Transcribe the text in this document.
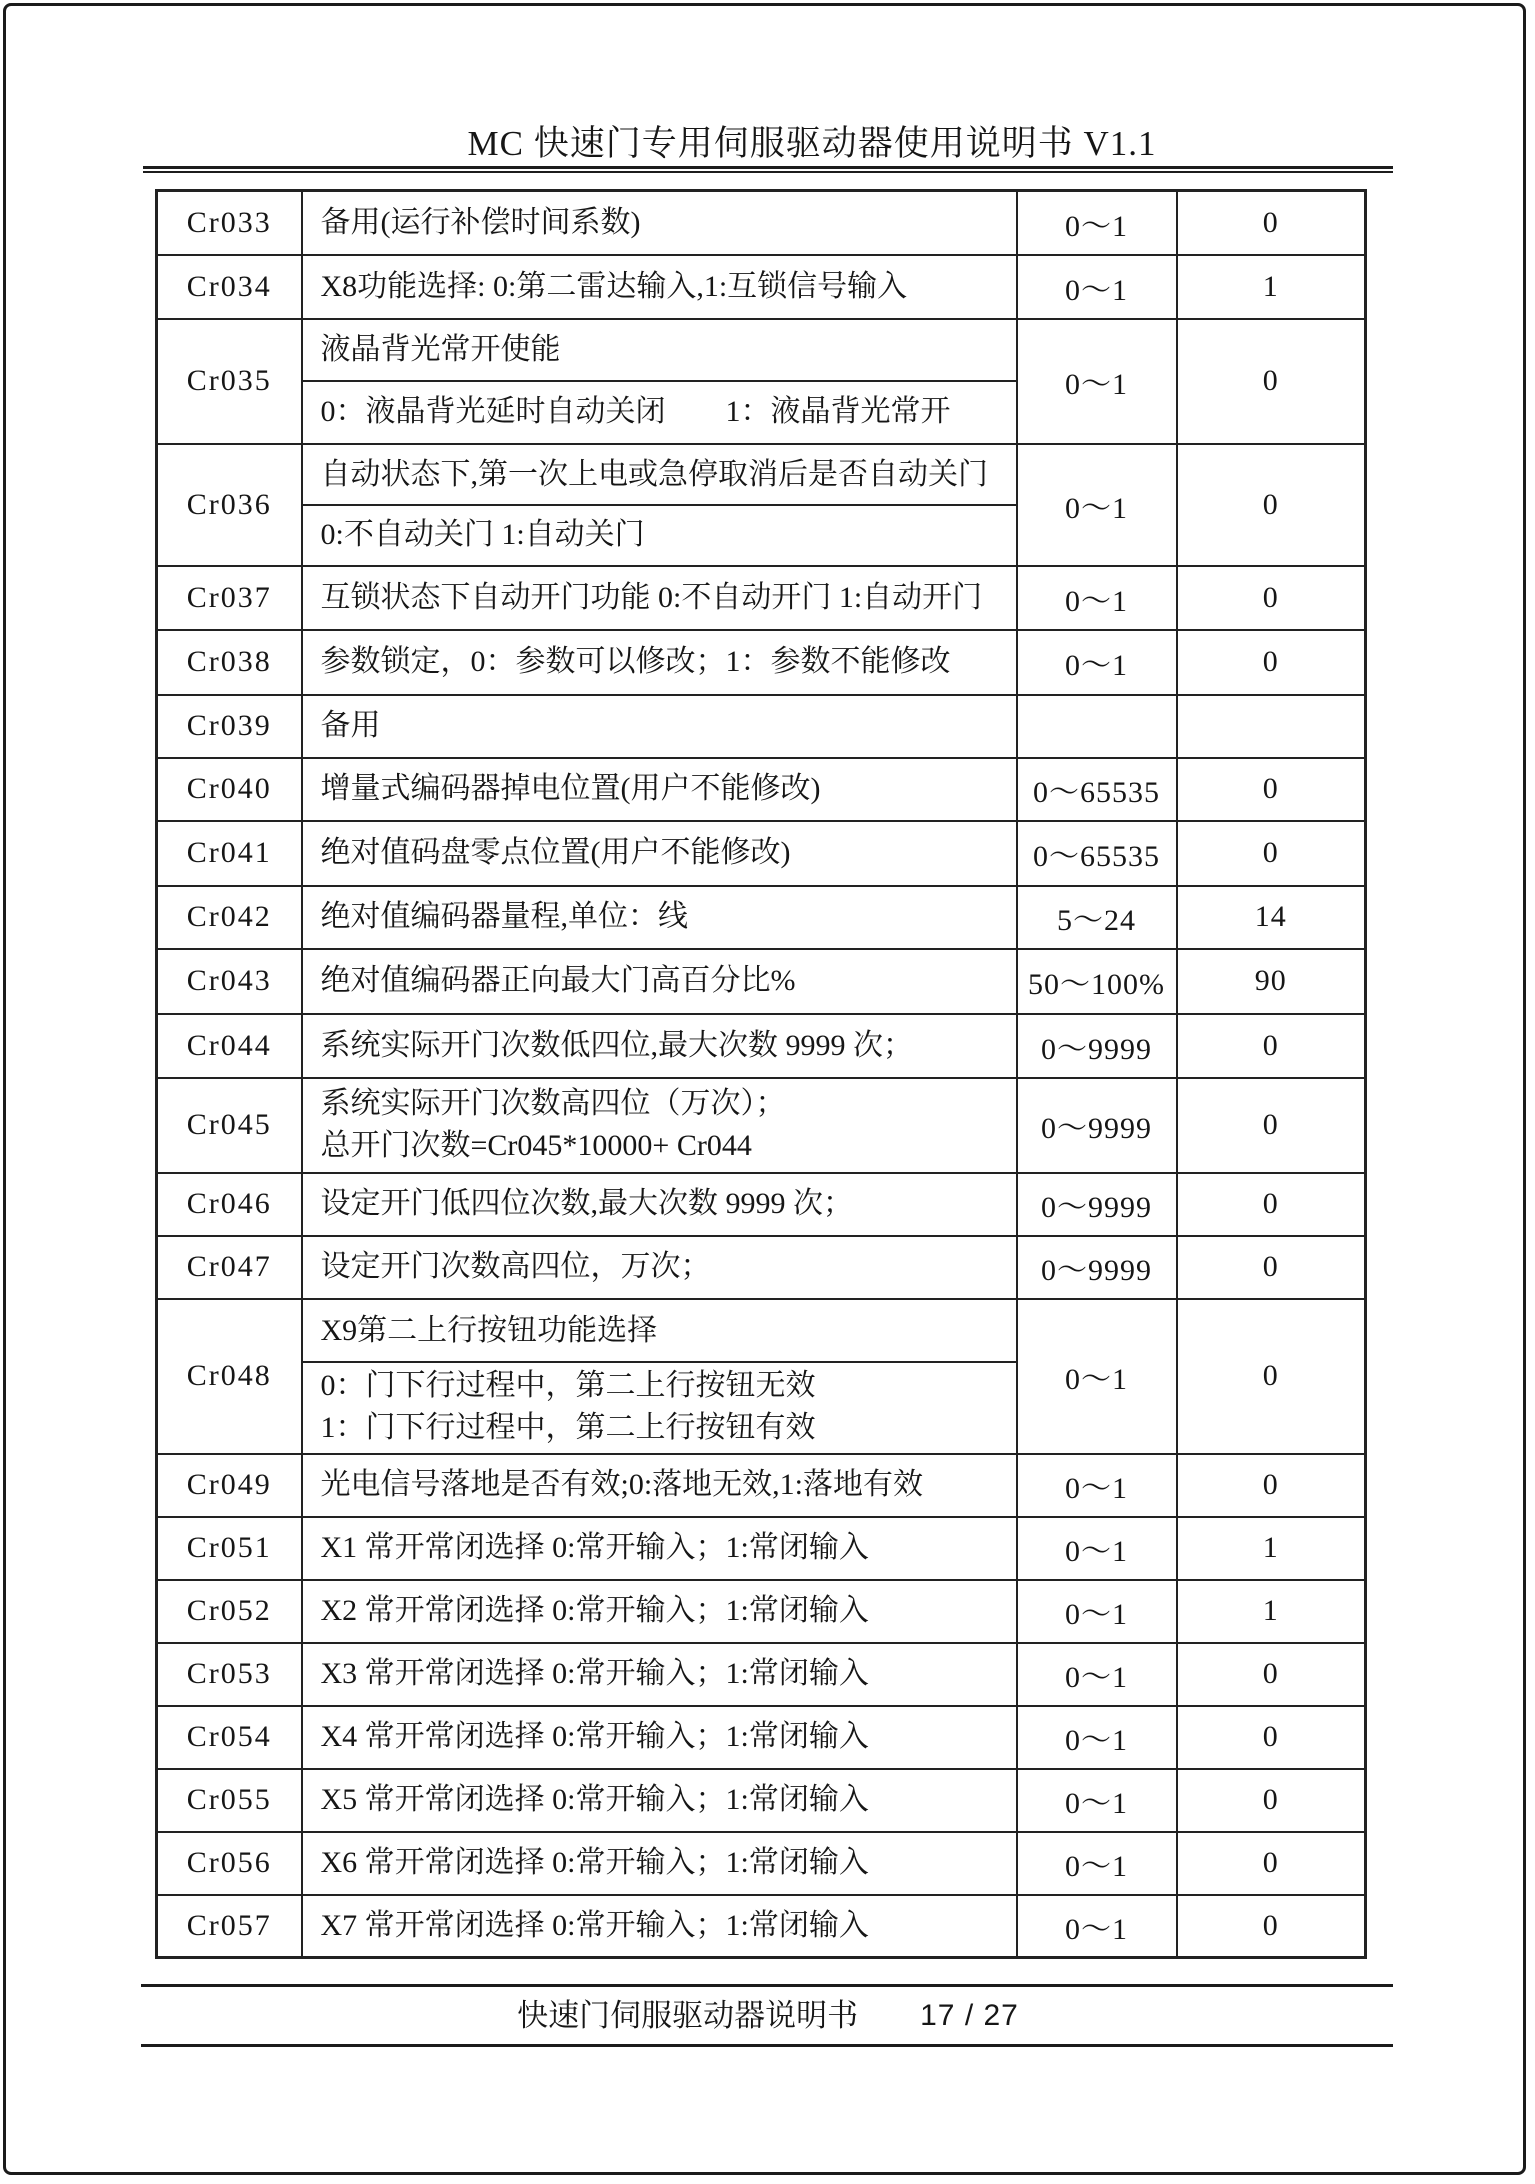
MC 快速门专用伺服驱动器使用说明书 V1.1
Cr033	备用(运行补偿时间系数)	0～1	0
Cr034	X8功能选择: 0:第二雷达输入,1:互锁信号输入	0～1	1
Cr035	液晶背光常开使能
0：液晶背光延时自动关闭　　1：液晶背光常开	0～1	0
Cr036	自动状态下,第一次上电或急停取消后是否自动关门
0:不自动关门 1:自动关门	0～1	0
Cr037	互锁状态下自动开门功能 0:不自动开门 1:自动开门	0～1	0
Cr038	参数锁定，0：参数可以修改；1：参数不能修改	0～1	0
Cr039	备用		
Cr040	增量式编码器掉电位置(用户不能修改)	0～65535	0
Cr041	绝对值码盘零点位置(用户不能修改)	0～65535	0
Cr042	绝对值编码器量程,单位：线	5～24	14
Cr043	绝对值编码器正向最大门高百分比%	50～100%	90
Cr044	系统实际开门次数低四位,最大次数 9999 次；	0～9999	0
Cr045	系统实际开门次数高四位（万次）；
总开门次数=Cr045*10000+ Cr044	0～9999	0
Cr046	设定开门低四位次数,最大次数 9999 次；	0～9999	0
Cr047	设定开门次数高四位，万次；	0～9999	0
Cr048	X9第二上行按钮功能选择
0：门下行过程中，第二上行按钮无效
1：门下行过程中，第二上行按钮有效	0～1	0
Cr049	光电信号落地是否有效;0:落地无效,1:落地有效	0～1	0
Cr051	X1 常开常闭选择 0:常开输入；1:常闭输入	0～1	1
Cr052	X2 常开常闭选择 0:常开输入；1:常闭输入	0～1	1
Cr053	X3 常开常闭选择 0:常开输入；1:常闭输入	0～1	0
Cr054	X4 常开常闭选择 0:常开输入；1:常闭输入	0～1	0
Cr055	X5 常开常闭选择 0:常开输入；1:常闭输入	0～1	0
Cr056	X6 常开常闭选择 0:常开输入；1:常闭输入	0～1	0
Cr057	X7 常开常闭选择 0:常开输入；1:常闭输入	0～1	0
快速门伺服驱动器说明书 17 / 27
